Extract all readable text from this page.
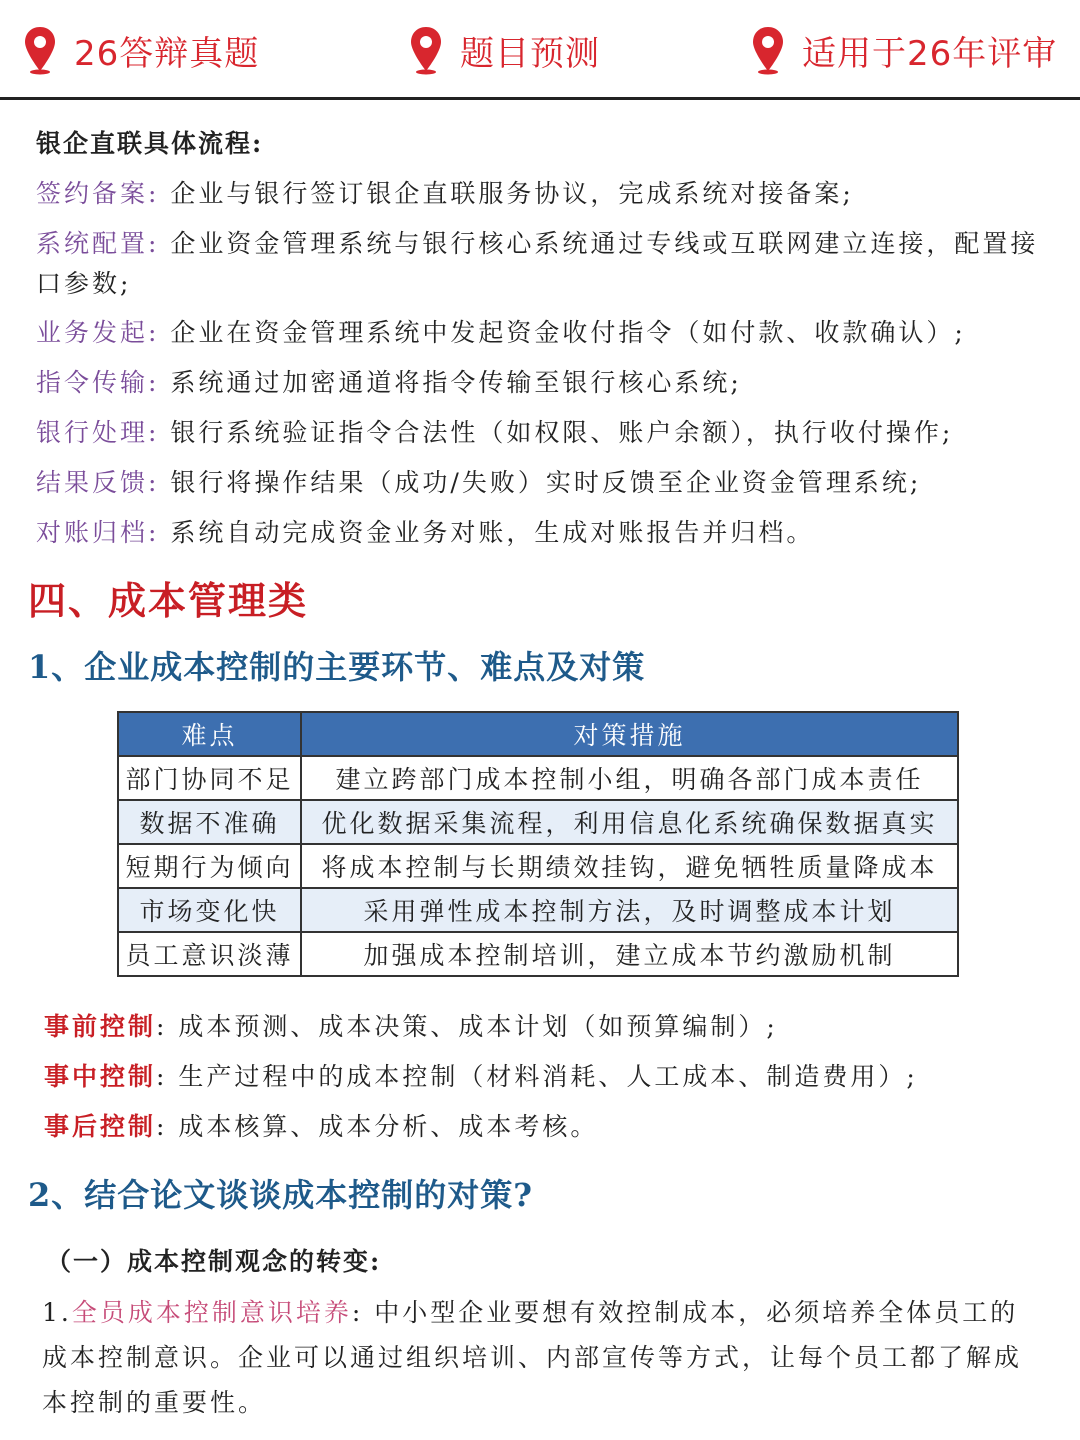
26答辩真题	题目预测	适用于26年评审
银企直联具体流程:
签约备案: 企业与银行签订银企直联服务协议，完成系统对接备案;
系统配置: 企业资金管理系统与银行核心系统通过专线或互联网建立连接，配置接口参数;
业务发起: 企业在资金管理系统中发起资金收付指令（如付款、收款确认）;
指令传输: 系统通过加密通道将指令传输至银行核心系统;
银行处理: 银行系统验证指令合法性（如权限、账户余额），执行收付操作;
结果反馈: 银行将操作结果（成功/失败）实时反馈至企业资金管理系统;
对账归档: 系统自动完成资金业务对账，生成对账报告并归档。
四、成本管理类
1、企业成本控制的主要环节、难点及对策
难点	对策措施
部门协同不足	建立跨部门成本控制小组，明确各部门成本责任
数据不准确	优化数据采集流程，利用信息化系统确保数据真实
短期行为倾向	将成本控制与长期绩效挂钩，避免牺牲质量降成本
市场变化快	采用弹性成本控制方法，及时调整成本计划
员工意识淡薄	加强成本控制培训，建立成本节约激励机制
事前控制: 成本预测、成本决策、成本计划（如预算编制）;
事中控制: 生产过程中的成本控制（材料消耗、人工成本、制造费用）;
事后控制: 成本核算、成本分析、成本考核。
2、结合论文谈谈成本控制的对策?
（一）成本控制观念的转变:
1.全员成本控制意识培养: 中小型企业要想有效控制成本，必须培养全体员工的成本控制意识。企业可以通过组织培训、内部宣传等方式，让每个员工都了解成本控制的重要性。
